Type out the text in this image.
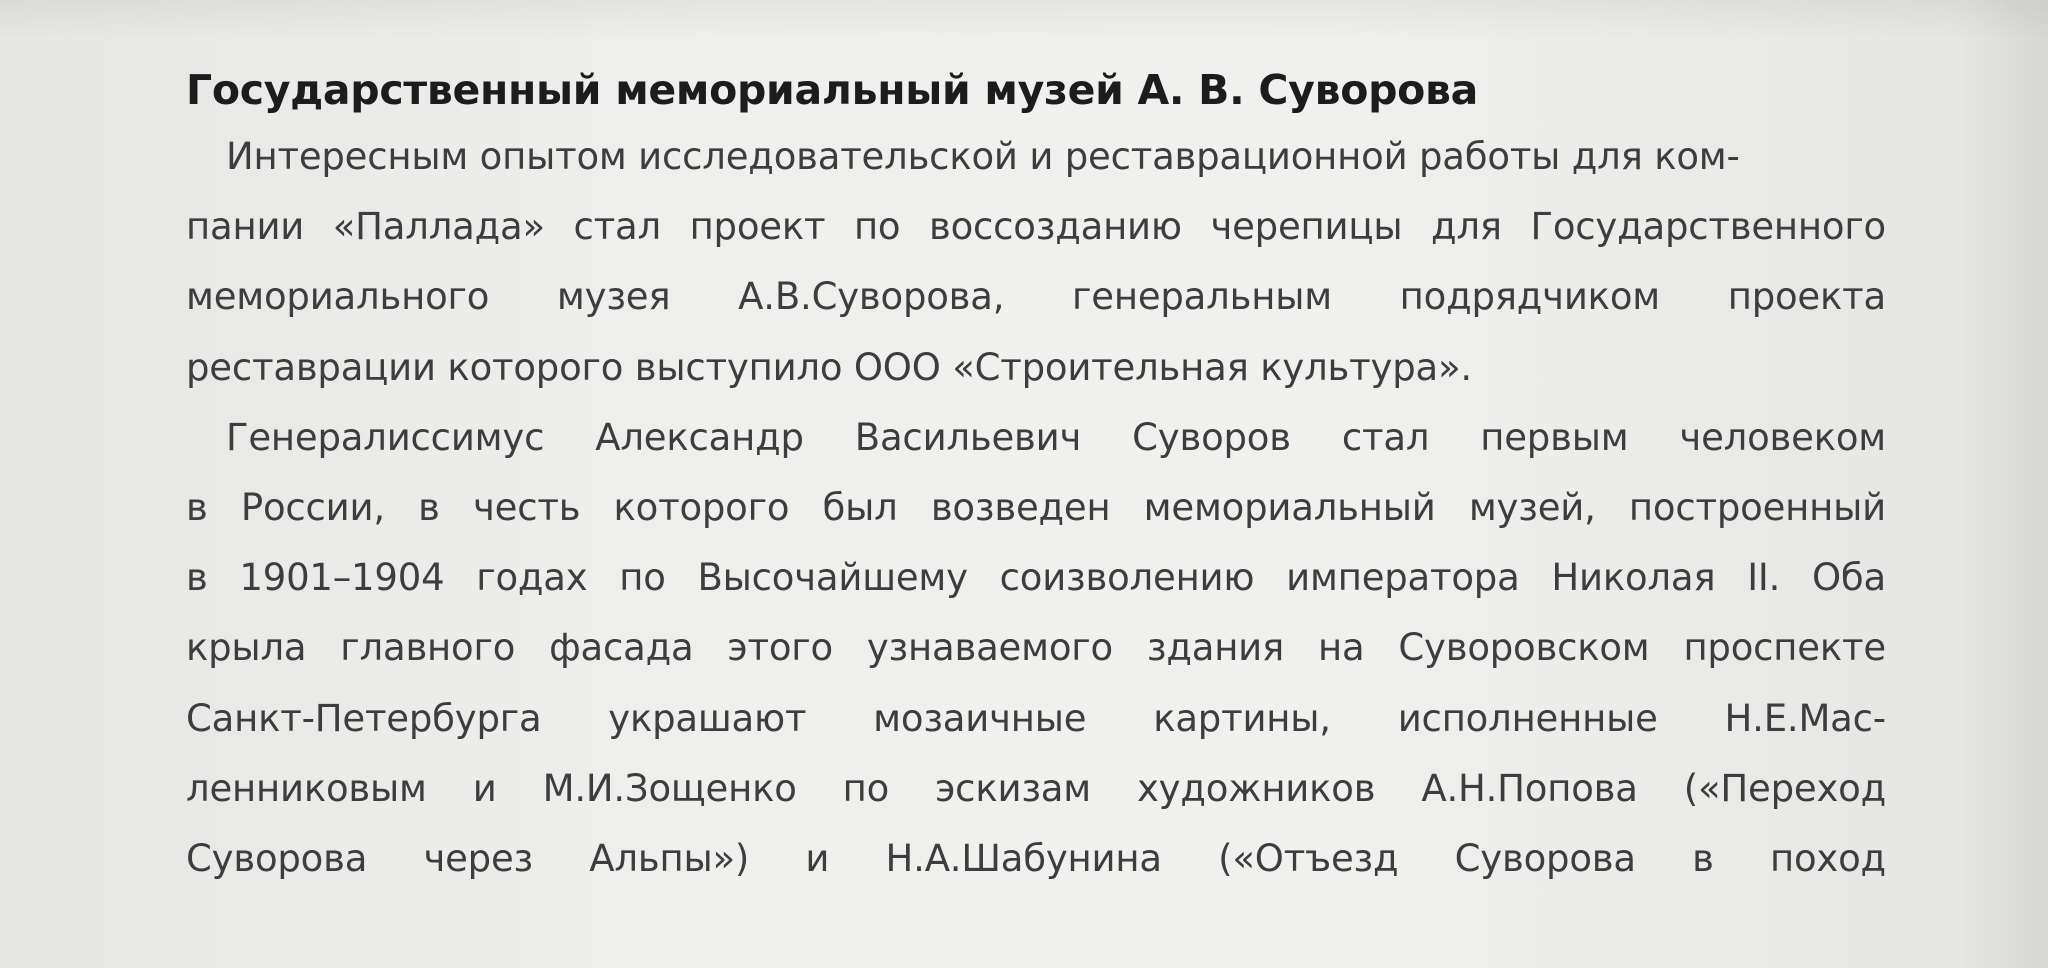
Государственный мемориальный музей А. В. Суворова
Интересным опытом исследовательской и реставрационной работы для ком-
пании «Паллада» стал проект по воссозданию черепицы для Государственного
мемориального музея А.В.Суворова, генеральным подрядчиком проекта
реставрации которого выступило ООО «Строительная культура».
Генералиссимус Александр Васильевич Суворов стал первым человеком
в России, в честь которого был возведен мемориальный музей, построенный
в 1901–1904 годах по Высочайшему соизволению императора Николая II. Оба
крыла главного фасада этого узнаваемого здания на Суворовском проспекте
Санкт-Петербурга украшают мозаичные картины, исполненные Н.Е.Мас-
ленниковым и М.И.Зощенко по эскизам художников А.Н.Попова («Переход
Суворова через Альпы») и Н.А.Шабунина («Отъезд Суворова в поход
